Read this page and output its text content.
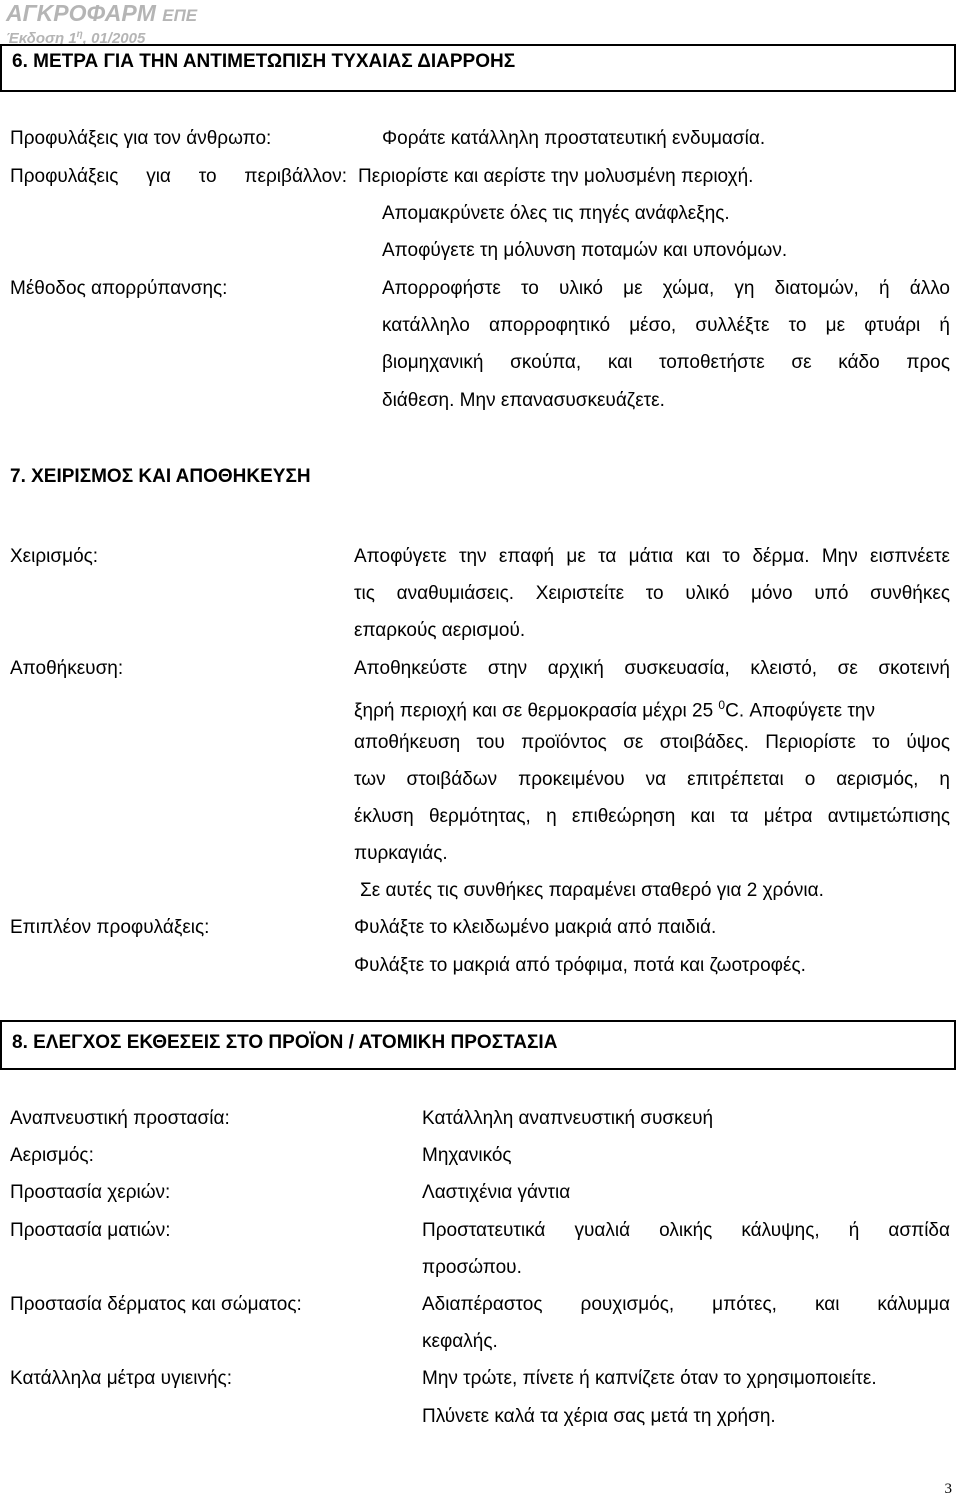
ΑΓΚΡΟΦΑΡΜ ΕΠΕ
Έκδοση $1^\eta$, 01/2005
6. ΜΕΤΡΑ ΓΙΑ ΤΗΝ ΑΝΤΙΜΕΤΩΠΙΣΗ ΤΥΧΑΙΑΣ ΔΙΑΡΡΟΗΣ
Προφυλάξεις για τον άνθρωπο:	Φοράτε κατάλληλη προστατευτική ενδυμασία.
Προφυλάξεις για το περιβάλλον: Περιορίστε και αερίστε την μολυσμένη περιοχή.
Απομακρύνετε όλες τις πηγές ανάφλεξης.
Αποφύγετε τη μόλυνση ποταμών και υπονόμων.
Μέθοδος απορρύπανσης:	Απορροφήστε το υλικό με χώμα, γη διατομών, ή άλλο
κατάλληλο απορροφητικό μέσο, συλλέξτε το με φτυάρι ή
βιομηχανική σκούπα, και τοποθετήστε σε κάδο προς
διάθεση. Μην επανασυσκευάζετε.
7. ΧΕΙΡΙΣΜΟΣ ΚΑΙ ΑΠΟΘΗΚΕΥΣΗ
Χειρισμός:	Αποφύγετε την επαφή με τα μάτια και το δέρμα. Μην εισπνέετε
τις αναθυμιάσεις. Χειριστείτε το υλικό μόνο υπό συνθήκες
επαρκούς αερισμού.
Αποθήκευση:	Αποθηκεύστε στην αρχική συσκευασία, κλειστό, σε σκοτεινή
ξηρή περιοχή και σε θερμοκρασία μέχρι 25 $^0$C. Αποφύγετε την
αποθήκευση του προϊόντος σε στοιβάδες. Περιορίστε το ύψος
των στοιβάδων προκειμένου να επιτρέπεται ο αερισμός, η
έκλυση θερμότητας, η επιθεώρηση και τα μέτρα αντιμετώπισης
πυρκαγιάς.
Σε αυτές τις συνθήκες παραμένει σταθερό για 2 χρόνια.
Επιπλέον προφυλάξεις:	Φυλάξτε το κλειδωμένο μακριά από παιδιά.
Φυλάξτε το μακριά από τρόφιμα, ποτά και ζωοτροφές.
8. ΕΛΕΓΧΟΣ ΕΚΘΕΣΕΙΣ ΣΤΟ ΠΡΟΪΟΝ / ΑΤΟΜΙΚΗ ΠΡΟΣΤΑΣΙΑ
Αναπνευστική προστασία:	Κατάλληλη αναπνευστική συσκευή
Αερισμός:	Μηχανικός
Προστασία χεριών:	Λαστιχένια γάντια
Προστασία ματιών:	Προστατευτικά γυαλιά ολικής κάλυψης, ή ασπίδα
προσώπου.
Προστασία δέρματος και σώματος:	Αδιαπέραστος ρουχισμός, μπότες, και κάλυμμα
κεφαλής.
Κατάλληλα μέτρα υγιεινής:	Μην τρώτε, πίνετε ή καπνίζετε όταν το χρησιμοποιείτε.
Πλύνετε καλά τα χέρια σας μετά τη χρήση.
3
